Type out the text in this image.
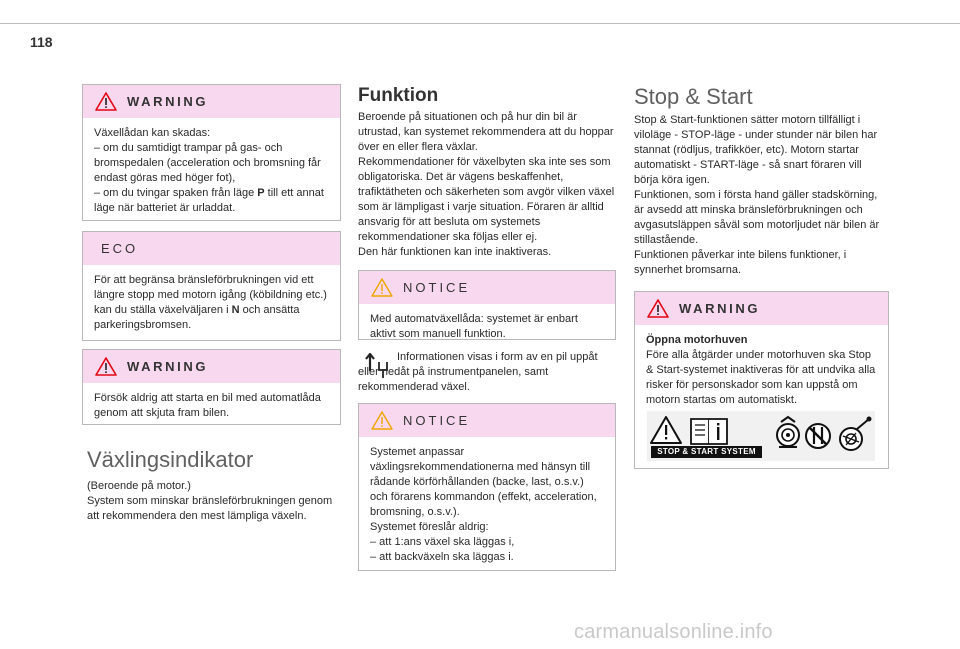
118
WARNING
Växellådan kan skadas:
– om du samtidigt trampar på gas- och bromspedalen (acceleration och bromsning får endast göras med höger fot),
– om du tvingar spaken från läge P till ett annat läge när batteriet är urladdat.
ECO
För att begränsa bränsleförbrukningen vid ett längre stopp med motorn igång (köbildning etc.) kan du ställa växelväljaren i N och ansätta parkeringsbromsen.
WARNING
Försök aldrig att starta en bil med automatlåda genom att skjuta fram bilen.
Växlingsindikator
(Beroende på motor.)
System som minskar bränsleförbrukningen genom att rekommendera den mest lämpliga växeln.
Funktion
Beroende på situationen och på hur din bil är utrustad, kan systemet rekommendera att du hoppar över en eller flera växlar.
Rekommendationer för växelbyten ska inte ses som obligatoriska. Det är vägens beskaffenhet, trafiktätheten och säkerheten som avgör vilken växel som är lämpligast i varje situation. Föraren är alltid ansvarig för att besluta om systemets rekommendationer ska följas eller ej.
Den här funktionen kan inte inaktiveras.
NOTICE
Med automatväxellåda: systemet är enbart aktivt som manuell funktion.
Informationen visas i form av en pil uppåt eller nedåt på instrumentpanelen, samt rekommenderad växel.
NOTICE
Systemet anpassar växlingsrekommendationerna med hänsyn till rådande körförhållanden (backe, last, o.s.v.) och förarens kommandon (effekt, acceleration, bromsning, o.s.v.).
Systemet föreslår aldrig:
– att 1:ans växel ska läggas i,
– att backväxeln ska läggas i.
Stop & Start
Stop & Start-funktionen sätter motorn tillfälligt i viloläge - STOP-läge - under stunder när bilen har stannat (rödljus, trafikköer, etc). Motorn startar automatiskt - START-läge - så snart föraren vill börja köra igen.
Funktionen, som i första hand gäller stadskörning, är avsedd att minska bränsleförbrukningen och avgasutsläppen såväl som motorljudet när bilen är stillastående.
Funktionen påverkar inte bilens funktioner, i synnerhet bromsarna.
WARNING
Öppna motorhuven
Före alla åtgärder under motorhuven ska Stop & Start-systemet inaktiveras för att undvika alla risker för personskador som kan uppstå om motorn startas om automatiskt.
STOP & START SYSTEM
carmanualsonline.info
